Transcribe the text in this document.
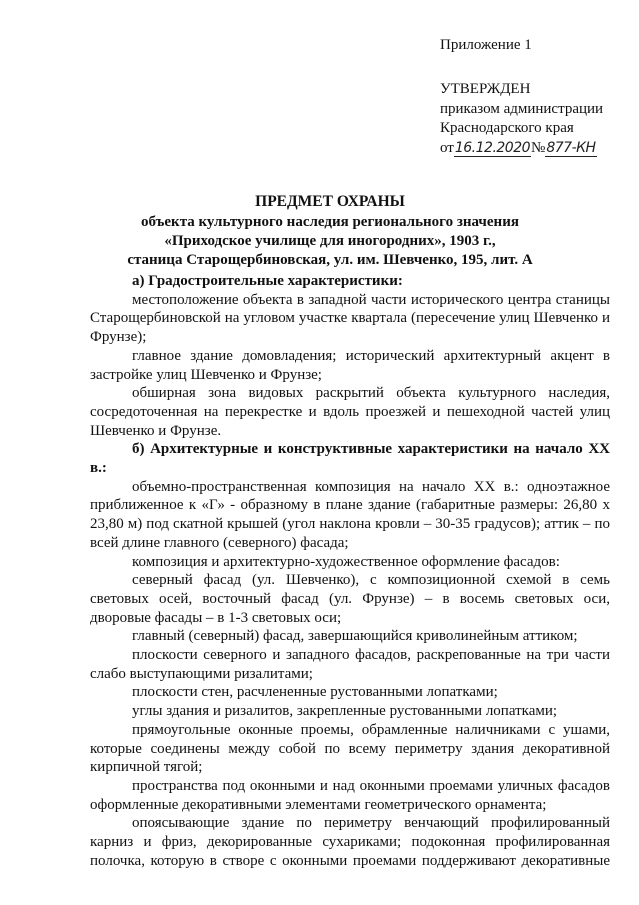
Приложение 1
УТВЕРЖДЕН
приказом администрации
Краснодарского края
от16.12.2020№877-КН
ПРЕДМЕТ ОХРАНЫ
объекта культурного наследия регионального значения
«Приходское училище для иногородних», 1903 г.,
станица Старощербиновская, ул. им. Шевченко, 195, лит. А

а) Градостроительные характеристики:

местоположение объекта в западной части исторического центра станицы Старощербиновской на угловом участке квартала (пересечение улиц Шевченко и Фрунзе);

главное здание домовладения; исторический архитектурный акцент в застройке улиц Шевченко и Фрунзе;

обширная зона видовых раскрытий объекта культурного наследия, сосредоточенная на перекрестке и вдоль проезжей и пешеходной частей улиц Шевченко и Фрунзе.

б) Архитектурные и конструктивные характеристики на начало XX в.:

объемно-пространственная композиция на начало XX в.: одноэтажное приближенное к «Г» - образному в плане здание (габаритные размеры: 26,80 x 23,80 м) под скатной крышей (угол наклона кровли – 30-35 градусов); аттик – по всей длине главного (северного) фасада;

композиция и архитектурно-художественное оформление фасадов:

северный фасад (ул. Шевченко), с композиционной схемой в семь световых осей, восточный фасад (ул. Фрунзе) – в восемь световых оси, дворовые фасады – в 1-3 световых оси;

главный (северный) фасад, завершающийся криволинейным аттиком;

плоскости северного и западного фасадов, раскрепованные на три части слабо выступающими ризалитами;

плоскости стен, расчлененные рустованными лопатками;

углы здания и ризалитов, закрепленные рустованными лопатками;

прямоугольные оконные проемы, обрамленные наличниками с ушами, которые соединены между собой по всему периметру здания декоративной кирпичной тягой;

пространства под оконными и над оконными проемами уличных фасадов оформленные декоративными элементами геометрического орнамента;

опоясывающие здание по периметру венчающий профилированный карниз и фриз, декорированные сухариками; подоконная профилированная полочка, которую в створе с оконными проемами поддерживают декоративные
